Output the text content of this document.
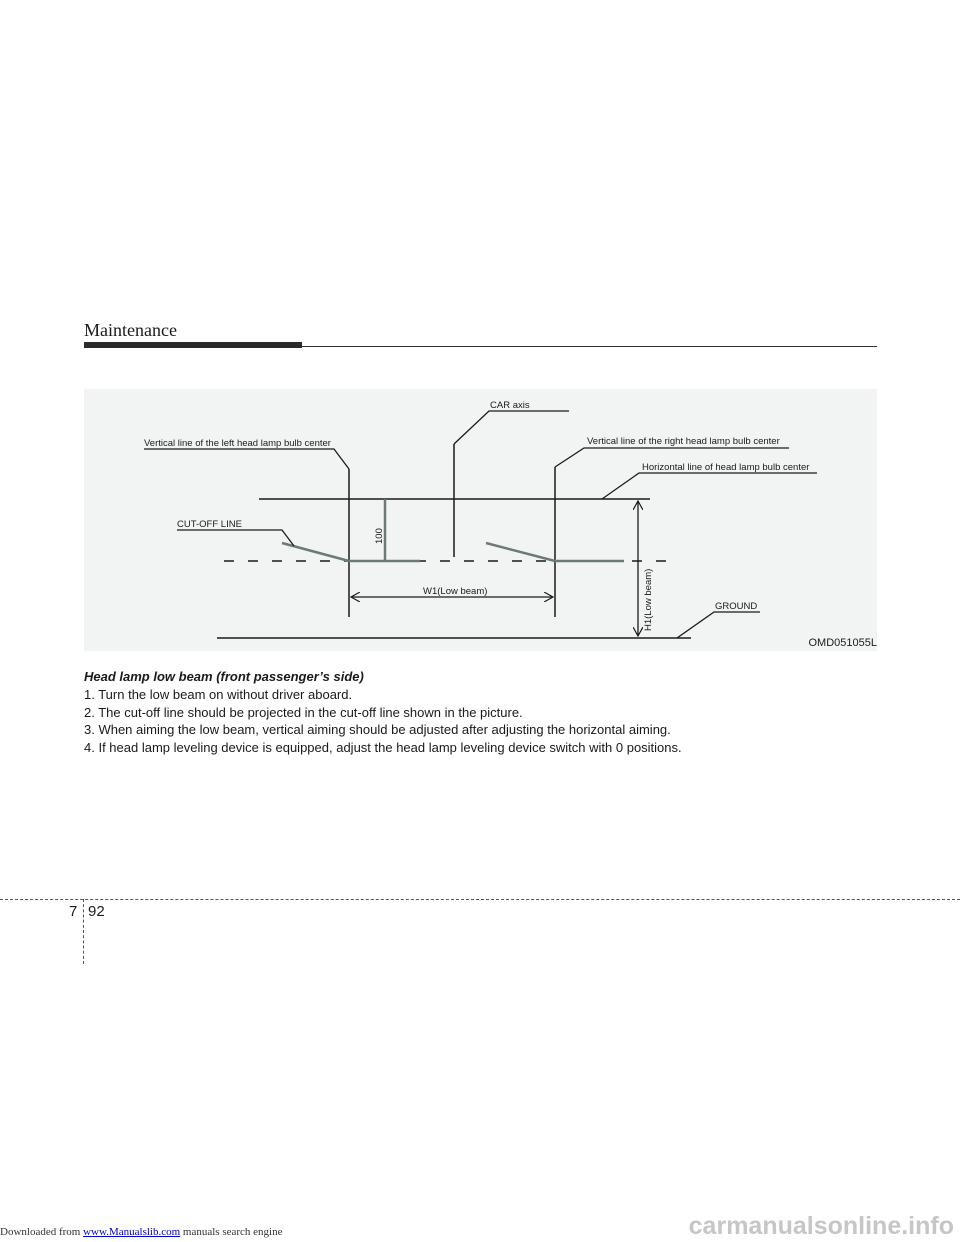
Maintenance
CAR axis
Vertical line of the left head lamp bulb center	Vertical line of the right head lamp bulb center
Horizontal line of head lamp bulb center
CUT-OFF LINE
100
W1(Low beam)	H1(Low beam)	GROUND
OMD051055L

Head lamp low beam (front passenger’s side)

1. Turn the low beam on without driver aboard.
2. The cut-off line should be projected in the cut-off line shown in the picture.
3. When aiming the low beam, vertical aiming should be adjusted after adjusting the horizontal aiming.
4. If head lamp leveling device is equipped, adjust the head lamp leveling device switch with 0 positions.
7 92
Downloaded from www.Manualslib.com manuals search engine	carmanualsonline.info
